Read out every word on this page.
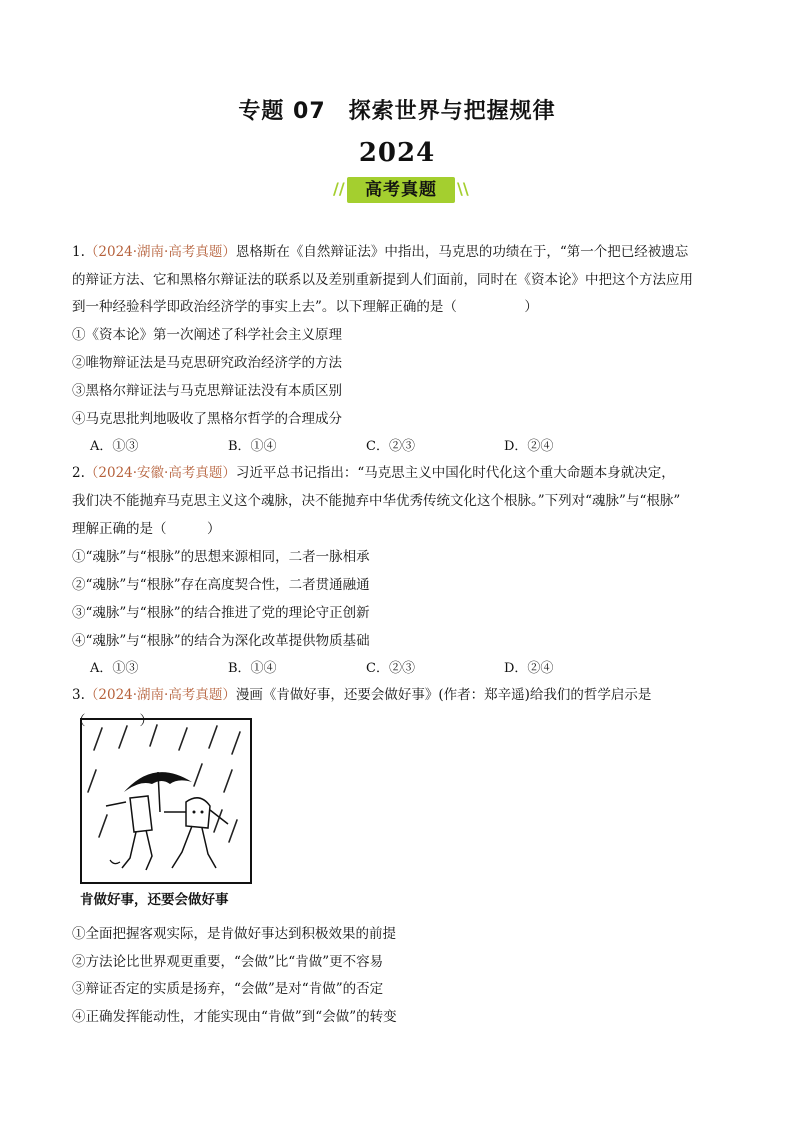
专题 07　探索世界与把握规律
2024
//	高考真题	\\
1.（2024·湖南·高考真题）恩格斯在《自然辩证法》中指出，马克思的功绩在于，“第一个把已经被遗忘
的辩证方法、它和黑格尔辩证法的联系以及差别重新提到人们面前，同时在《资本论》中把这个方法应用
到一种经验科学即政治经济学的事实上去”。以下理解正确的是（　　　　　）
①《资本论》第一次阐述了科学社会主义原理
②唯物辩证法是马克思研究政治经济学的方法
③黑格尔辩证法与马克思辩证法没有本质区别
④马克思批判地吸收了黑格尔哲学的合理成分
A．①③	B．①④	C．②③	D．②④
2.（2024·安徽·高考真题）习近平总书记指出：“马克思主义中国化时代化这个重大命题本身就决定，
我们决不能抛弃马克思主义这个魂脉，决不能抛弃中华优秀传统文化这个根脉。”下列对“魂脉”与“根脉”
理解正确的是（　　　）
①“魂脉”与“根脉”的思想来源相同，二者一脉相承
②“魂脉”与“根脉”存在高度契合性，二者贯通融通
③“魂脉”与“根脉”的结合推进了党的理论守正创新
④“魂脉”与“根脉”的结合为深化改革提供物质基础
A．①③	B．①④	C．②③	D．②④
3.（2024·湖南·高考真题）漫画《肯做好事，还要会做好事》(作者：郑辛遥)给我们的哲学启示是
（　　　　）
肯做好事，还要会做好事
①全面把握客观实际，是肯做好事达到积极效果的前提
②方法论比世界观更重要，“会做”比“肯做”更不容易
③辩证否定的实质是扬弃，“会做”是对“肯做”的否定
④正确发挥能动性，才能实现由“肯做”到“会做”的转变
